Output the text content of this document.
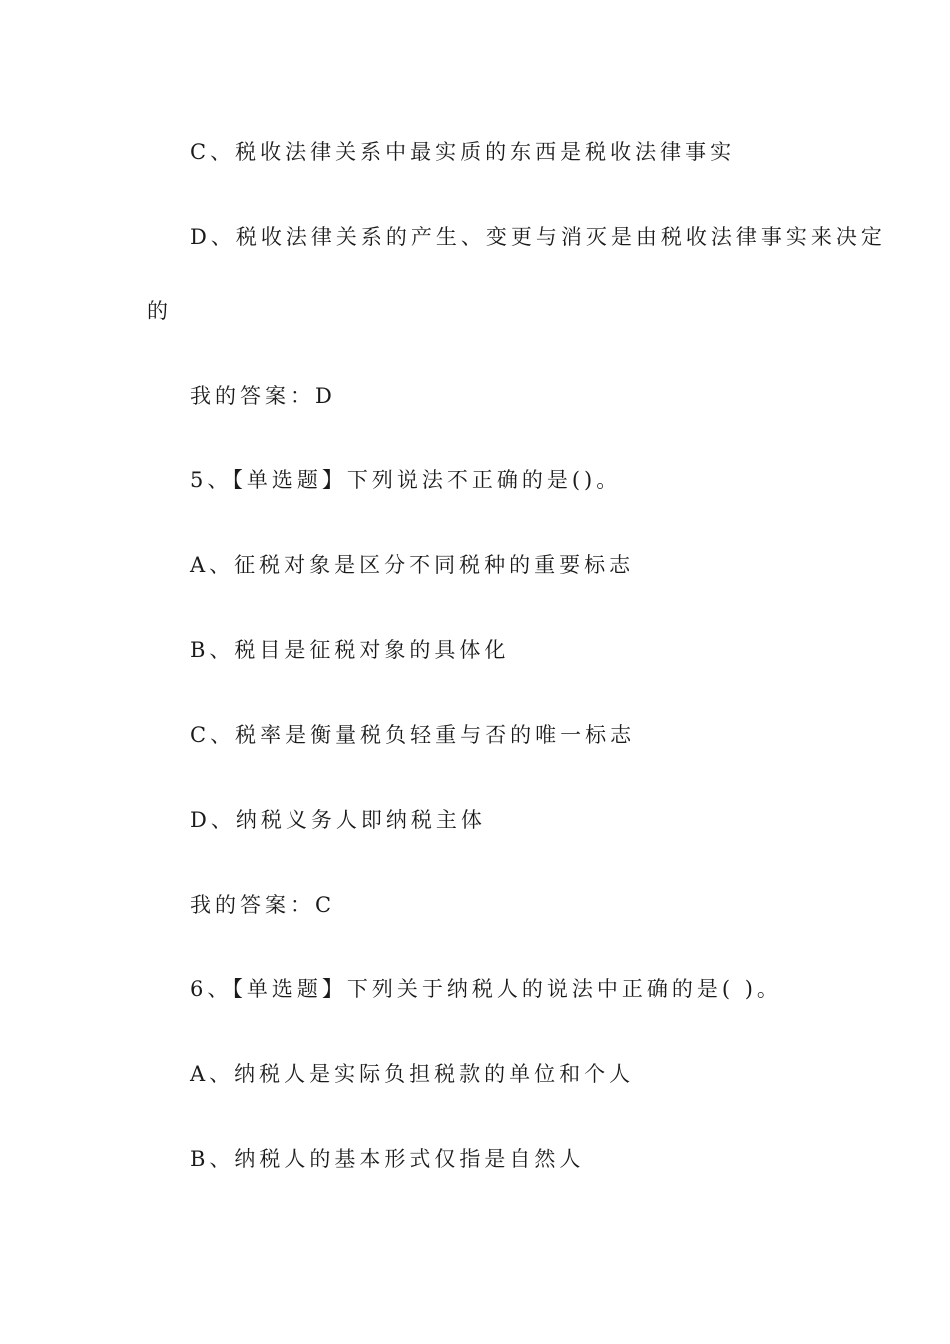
C、税收法律关系中最实质的东西是税收法律事实
D、税收法律关系的产生、变更与消灭是由税收法律事实来决定
的
我的答案：D
5、【单选题】下列说法不正确的是()。
A、征税对象是区分不同税种的重要标志
B、税目是征税对象的具体化
C、税率是衡量税负轻重与否的唯一标志
D、纳税义务人即纳税主体
我的答案：C
6、【单选题】下列关于纳税人的说法中正确的是( )。
A、纳税人是实际负担税款的单位和个人
B、纳税人的基本形式仅指是自然人
